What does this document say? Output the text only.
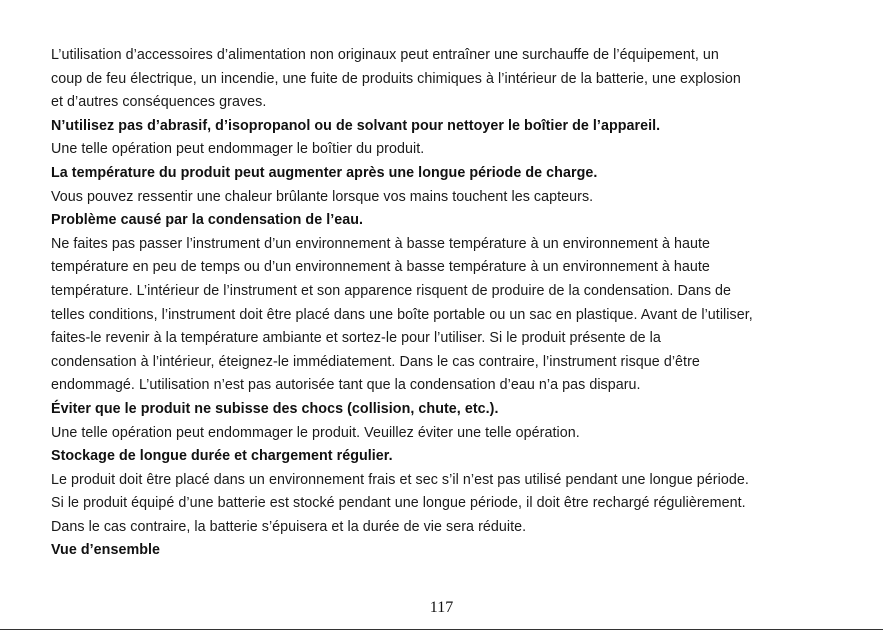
L’utilisation d’accessoires d’alimentation non originaux peut entraîner une surchauffe de l’équipement, un
coup de feu électrique, un incendie, une fuite de produits chimiques à l’intérieur de la batterie, une explosion
et d’autres conséquences graves.
N’utilisez pas d’abrasif, d’isopropanol ou de solvant pour nettoyer le boîtier de l’appareil.
Une telle opération peut endommager le boîtier du produit.
La température du produit peut augmenter après une longue période de charge.
Vous pouvez ressentir une chaleur brûlante lorsque vos mains touchent les capteurs.
Problème causé par la condensation de l’eau.
Ne faites pas passer l’instrument d’un environnement à basse température à un environnement à haute
température en peu de temps ou d’un environnement à basse température à un environnement à haute
température. L’intérieur de l’instrument et son apparence risquent de produire de la condensation. Dans de
telles conditions, l’instrument doit être placé dans une boîte portable ou un sac en plastique. Avant de l’utiliser,
faites-le revenir à la température ambiante et sortez-le pour l’utiliser. Si le produit présente de la
condensation à l’intérieur, éteignez-le immédiatement. Dans le cas contraire, l’instrument risque d’être
endommagé. L’utilisation n’est pas autorisée tant que la condensation d’eau n’a pas disparu.
Éviter que le produit ne subisse des chocs (collision, chute, etc.).
Une telle opération peut endommager le produit. Veuillez éviter une telle opération.
Stockage de longue durée et chargement régulier.
Le produit doit être placé dans un environnement frais et sec s’il n’est pas utilisé pendant une longue période.
Si le produit équipé d’une batterie est stocké pendant une longue période, il doit être rechargé régulièrement.
Dans le cas contraire, la batterie s’épuisera et la durée de vie sera réduite.
Vue d’ensemble
117
